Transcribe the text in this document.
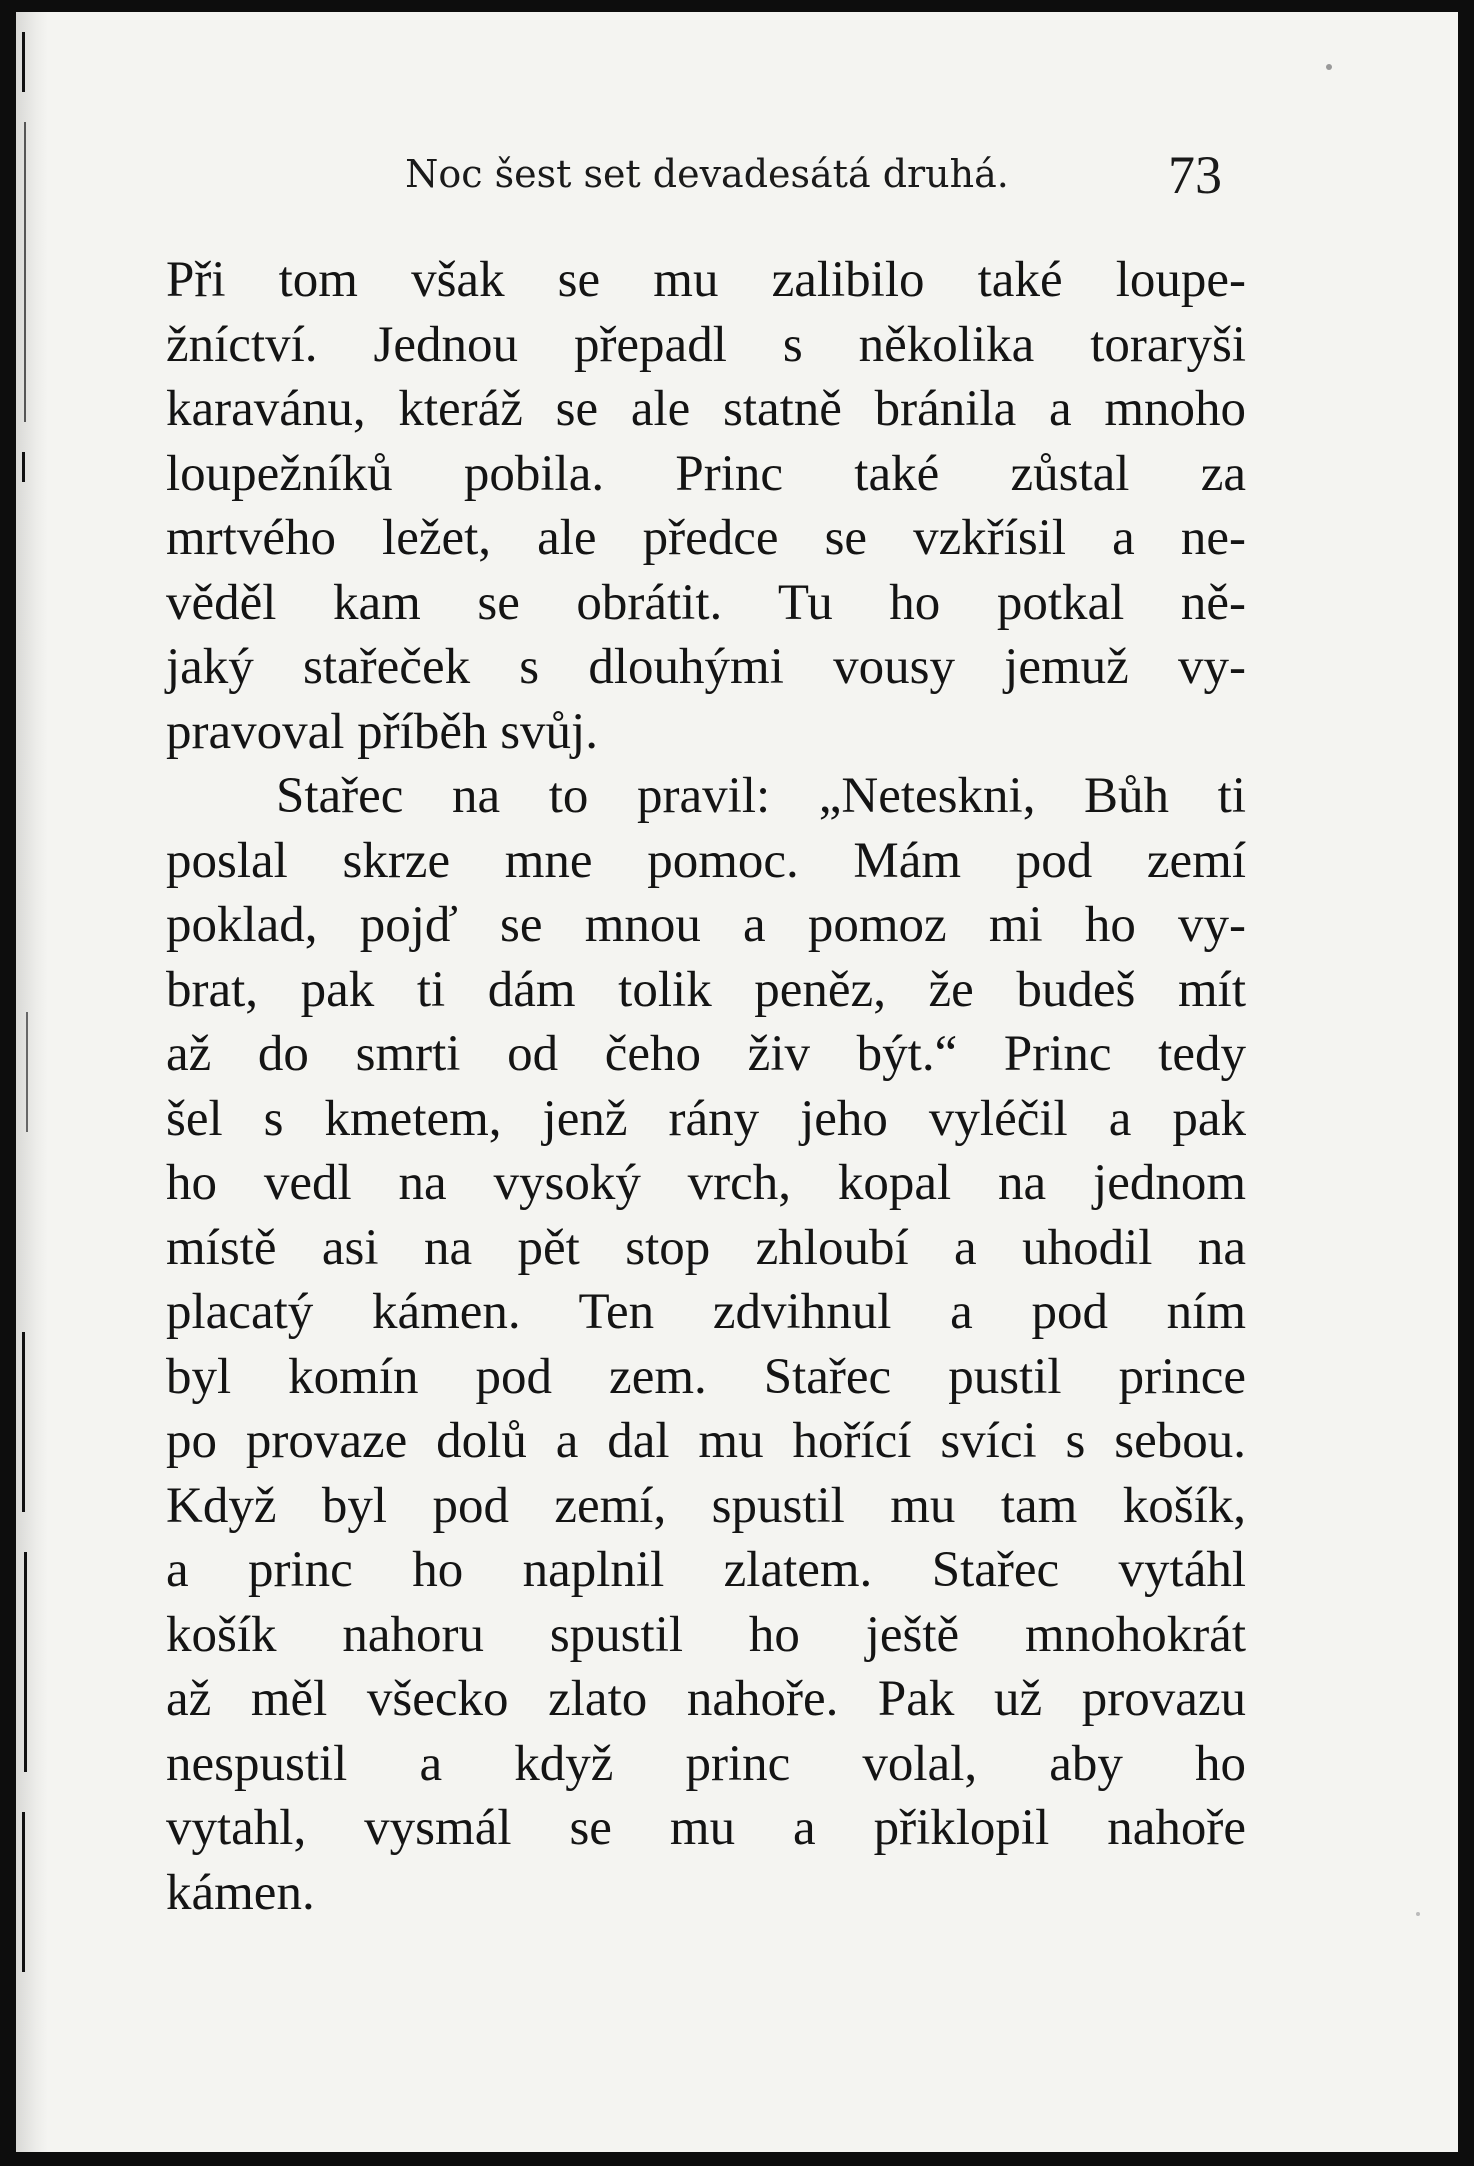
Noc šest set devadesátá druhá.	73
Při tom však se mu zalibilo také loupe-
žníctví. Jednou přepadl s několika toraryši
karavánu, kteráž se ale statně bránila a mnoho
loupežníků pobila. Princ také zůstal za
mrtvého ležet, ale předce se vzkřísil a ne-
věděl kam se obrátit. Tu ho potkal ně-
jaký stařeček s dlouhými vousy jemuž vy-
pravoval příběh svůj.
Stařec na to pravil: „Neteskni, Bůh ti
poslal skrze mne pomoc. Mám pod zemí
poklad, pojď se mnou a pomoz mi ho vy-
brat, pak ti dám tolik peněz, že budeš mít
až do smrti od čeho živ být.“ Princ tedy
šel s kmetem, jenž rány jeho vyléčil a pak
ho vedl na vysoký vrch, kopal na jednom
místě asi na pět stop zhloubí a uhodil na
placatý kámen. Ten zdvihnul a pod ním
byl komín pod zem. Stařec pustil prince
po provaze dolů a dal mu hořící svíci s sebou.
Když byl pod zemí, spustil mu tam košík,
a princ ho naplnil zlatem. Stařec vytáhl
košík nahoru spustil ho ještě mnohokrát
až měl všecko zlato nahoře. Pak už provazu
nespustil a když princ volal, aby ho
vytahl, vysmál se mu a přiklopil nahoře
kámen.
